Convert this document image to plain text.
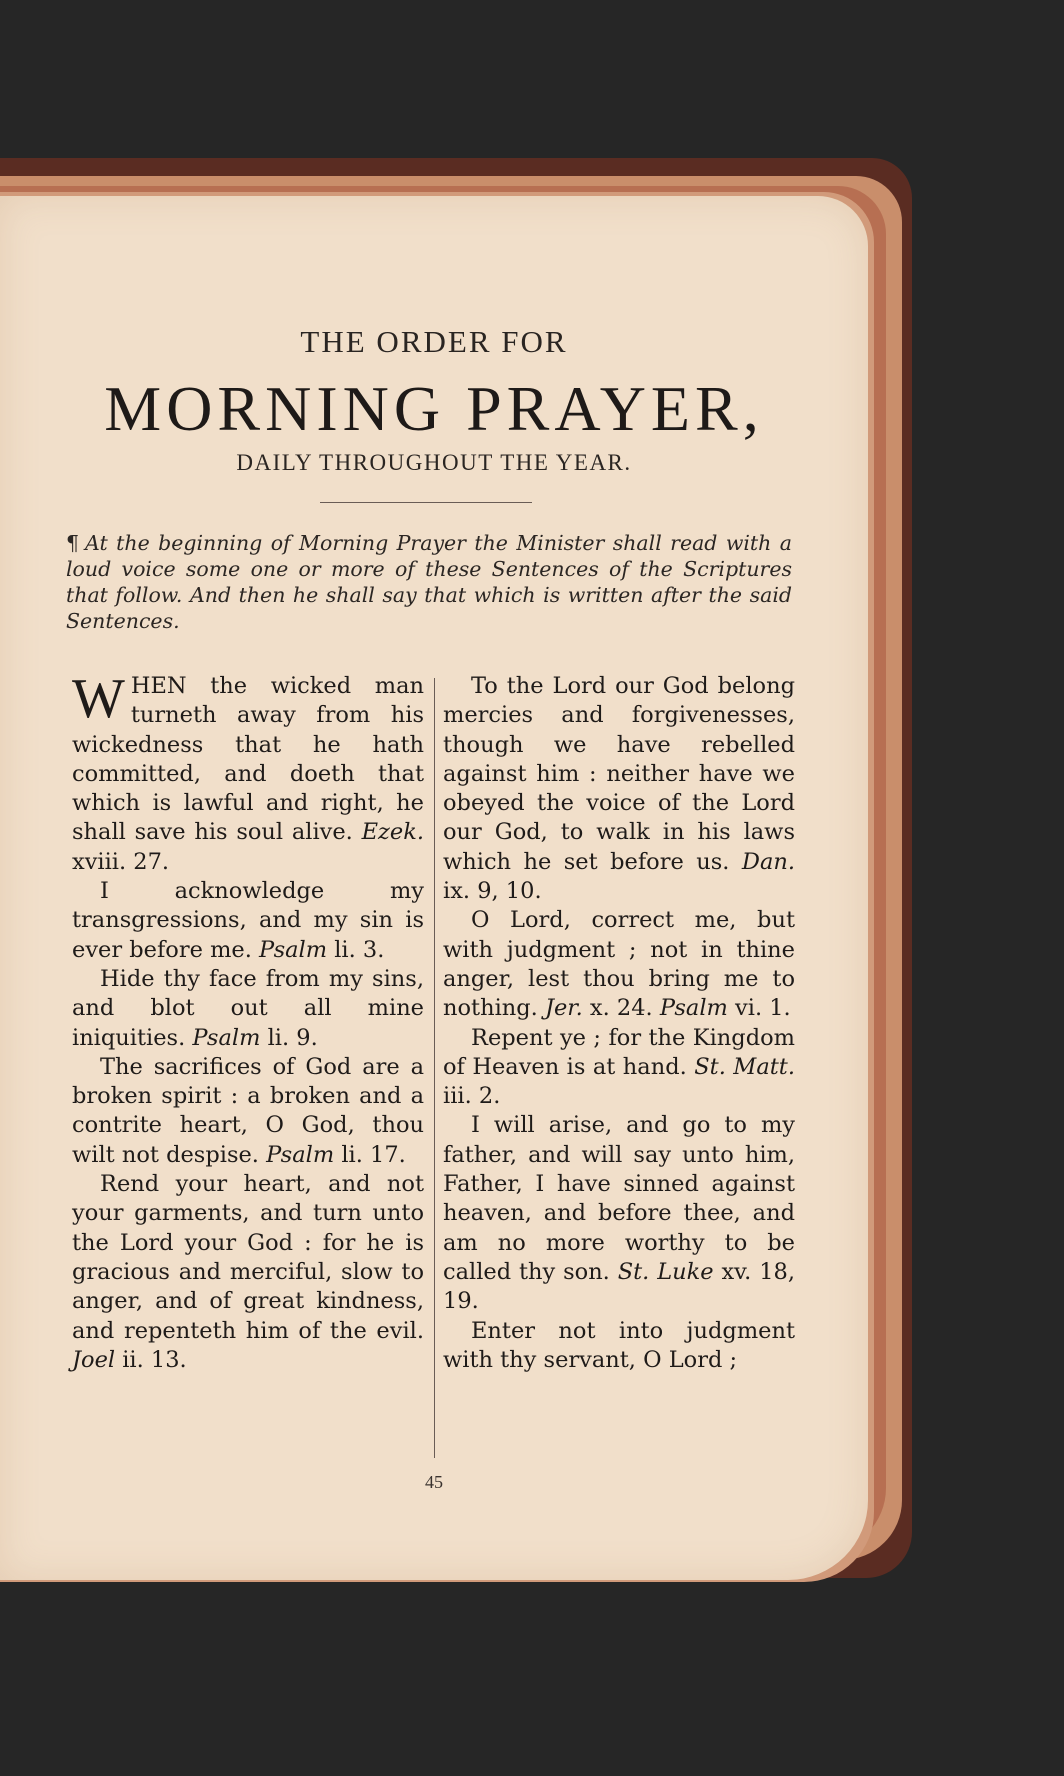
THE ORDER FOR
MORNING PRAYER,
DAILY THROUGHOUT THE YEAR.
¶ At the beginning of Morning Prayer the Minister shall read with a loud voice some one or more of these Sentences of the Scriptures that follow. And then he shall say that which is written after the said Sentences.

WHEN the wicked man turneth away from his wickedness that he hath committed, and doeth that which is lawful and right, he shall save his soul alive. Ezek. xviii. 27.

I acknowledge my transgressions, and my sin is ever before me. Psalm li. 3.

Hide thy face from my sins, and blot out all mine iniquities. Psalm li. 9.

The sacrifices of God are a broken spirit : a broken and a contrite heart, O God, thou wilt not despise. Psalm li. 17.

Rend your heart, and not your garments, and turn unto the Lord your God : for he is gracious and merciful, slow to anger, and of great kindness, and repenteth him of the evil. Joel ii. 13.

To the Lord our God belong mercies and forgivenesses, though we have rebelled against him : neither have we obeyed the voice of the Lord our God, to walk in his laws which he set before us. Dan. ix. 9, 10.

O Lord, correct me, but with judgment ; not in thine anger, lest thou bring me to nothing. Jer. x. 24. Psalm vi. 1.

Repent ye ; for the Kingdom of Heaven is at hand. St. Matt. iii. 2.

I will arise, and go to my father, and will say unto him, Father, I have sinned against heaven, and before thee, and am no more worthy to be called thy son. St. Luke xv. 18, 19.

Enter not into judgment with thy servant, O Lord ;

45
